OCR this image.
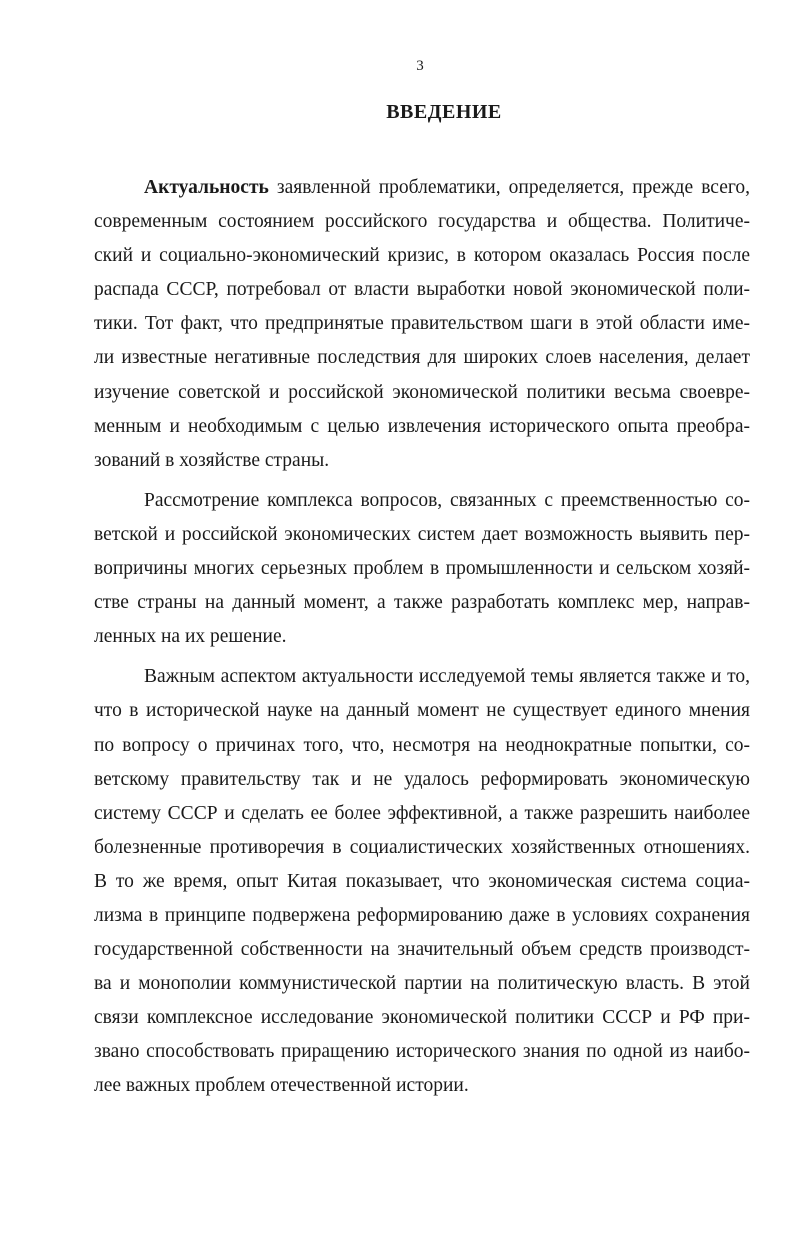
3
ВВЕДЕНИЕ
Актуальность заявленной проблематики, определяется, прежде всего,
современным состоянием российского государства и общества. Политиче-
ский и социально-экономический кризис, в котором оказалась Россия после
распада СССР, потребовал от власти выработки новой экономической поли-
тики. Тот факт, что предпринятые правительством шаги в этой области име-
ли известные негативные последствия для широких слоев населения, делает
изучение советской и российской экономической политики весьма своевре-
менным и необходимым с целью извлечения исторического опыта преобра-
зований в хозяйстве страны.
Рассмотрение комплекса вопросов, связанных с преемственностью со-
ветской и российской экономических систем дает возможность выявить пер-
вопричины многих серьезных проблем в промышленности и сельском хозяй-
стве страны на данный момент, а также разработать комплекс мер, направ-
ленных на их решение.
Важным аспектом актуальности исследуемой темы является также и то,
что в исторической науке на данный момент не существует единого мнения
по вопросу о причинах того, что, несмотря на неоднократные попытки, со-
ветскому правительству так и не удалось реформировать экономическую
систему СССР и сделать ее более эффективной, а также разрешить наиболее
болезненные противоречия в социалистических хозяйственных отношениях.
В то же время, опыт Китая показывает, что экономическая система социа-
лизма в принципе подвержена реформированию даже в условиях сохранения
государственной собственности на значительный объем средств производст-
ва и монополии коммунистической партии на политическую власть. В этой
связи комплексное исследование экономической политики СССР и РФ при-
звано способствовать приращению исторического знания по одной из наибо-
лее важных проблем отечественной истории.
